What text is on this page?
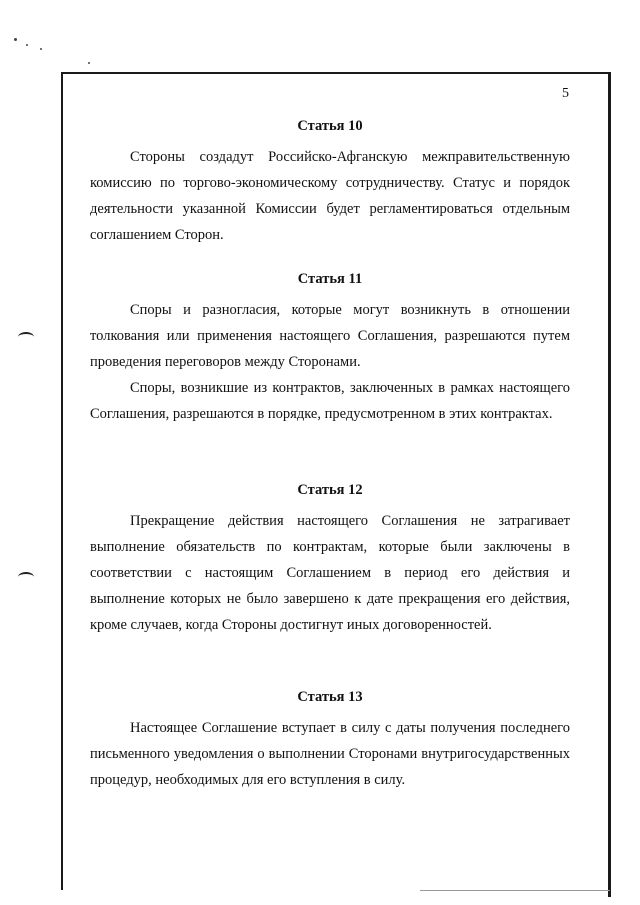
5

Статья 10

Стороны создадут Российско-Афганскую межправительственную комиссию по торгово-экономическому сотрудничеству. Статус и порядок деятельности указанной Комиссии будет регламентироваться отдельным соглашением Сторон.

Статья 11

Споры и разногласия, которые могут возникнуть в отношении толкования или применения настоящего Соглашения, разрешаются путем проведения переговоров между Сторонами.

Споры, возникшие из контрактов, заключенных в рамках настоящего Соглашения, разрешаются в порядке, предусмотренном в этих контрактах.

Статья 12

Прекращение действия настоящего Соглашения не затрагивает выполнение обязательств по контрактам, которые были заключены в соответствии с настоящим Соглашением в период его действия и выполнение которых не было завершено к дате прекращения его действия, кроме случаев, когда Стороны достигнут иных договоренностей.

Статья 13

Настоящее Соглашение вступает в силу с даты получения последнего письменного уведомления о выполнении Сторонами внутригосударственных процедур, необходимых для его вступления в силу.
